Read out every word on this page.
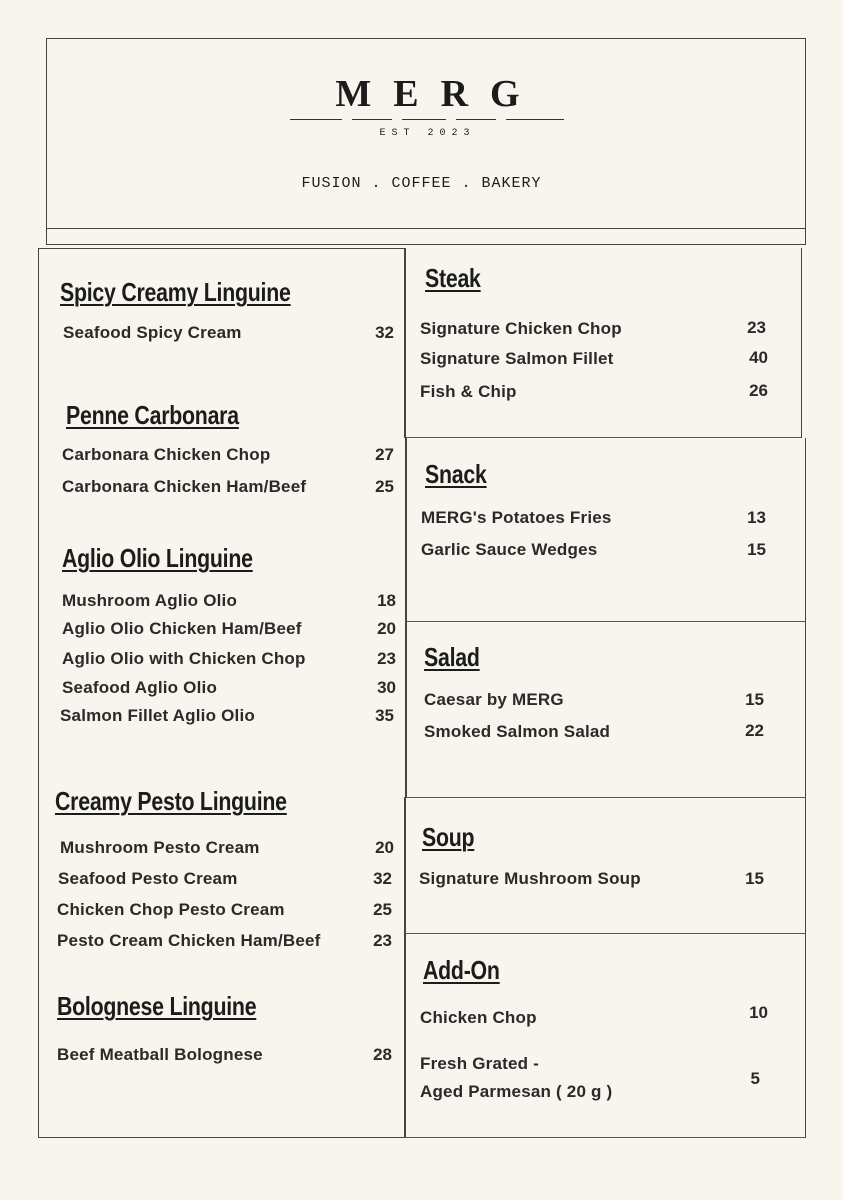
MERG
EST 2023
FUSION . COFFEE . BAKERY
Spicy Creamy Linguine
Seafood Spicy Cream	32
Penne Carbonara
Carbonara Chicken Chop	27
Carbonara Chicken Ham/Beef	25
Aglio Olio Linguine
Mushroom Aglio Olio	18
Aglio Olio Chicken Ham/Beef	20
Aglio Olio with Chicken Chop	23
Seafood Aglio Olio	30
Salmon Fillet Aglio Olio	35
Creamy Pesto Linguine
Mushroom Pesto Cream	20
Seafood Pesto Cream	32
Chicken Chop Pesto Cream	25
Pesto Cream Chicken Ham/Beef	23
Bolognese Linguine
Beef Meatball Bolognese	28
Steak
Signature Chicken Chop	23
Signature Salmon Fillet	40
Fish & Chip	26
Snack
MERG's Potatoes Fries	13
Garlic Sauce Wedges	15
Salad
Caesar by MERG	15
Smoked Salmon Salad	22
Soup
Signature Mushroom Soup	15
Add-On
Chicken Chop	10
Fresh Grated -
Aged Parmesan ( 20 g )
5
